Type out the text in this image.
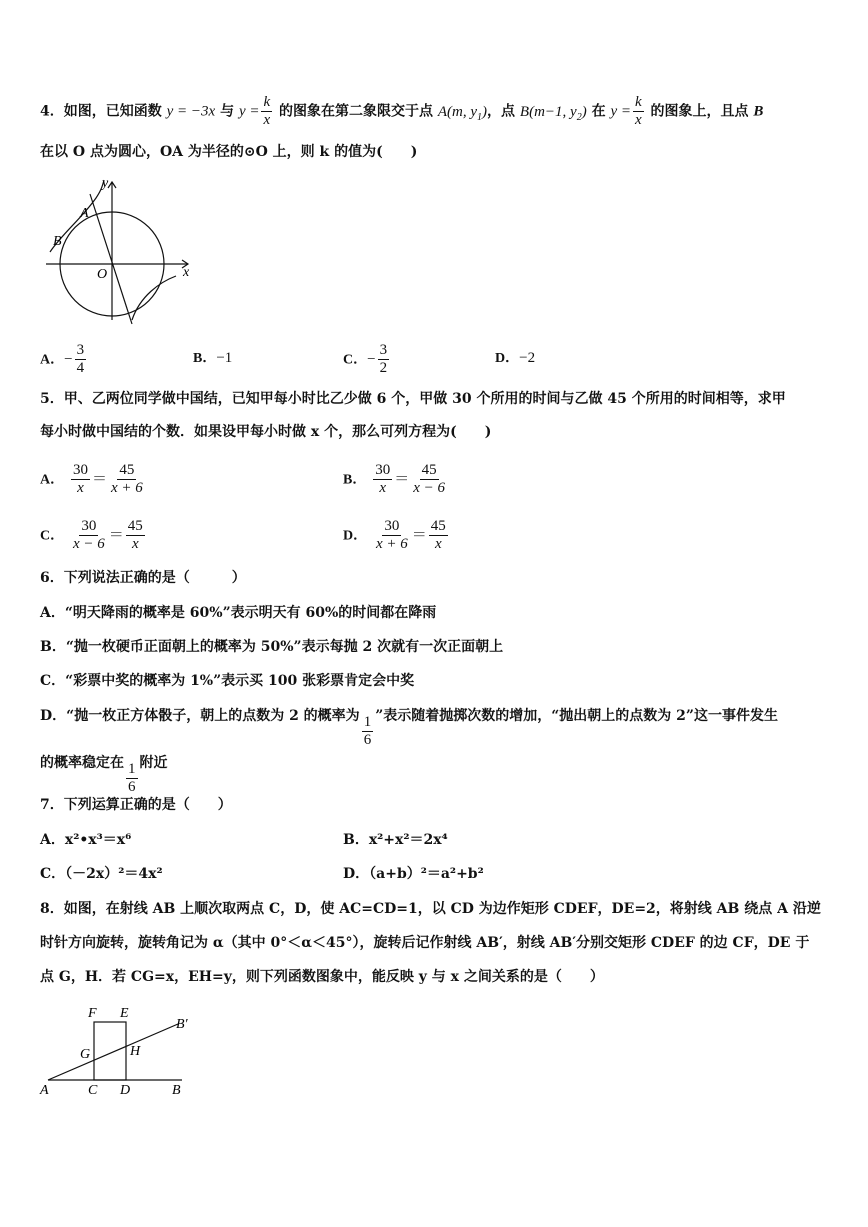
4．如图，已知函数 y = −3x 与 $y = \frac{k}{x}$ 的图象在第二象限交于点 A(m, $y_1$)，点 B(m−1, $y_2$) 在 $y = \frac{k}{x}$ 的图象上，且点 B
在以 O 点为圆心，OA 为半径的⊙O 上，则 k 的值为(　　)
y
x
A
B
O
A．− $\frac{3}{4}$	B．−1	C．− $\frac{3}{2}$	D．−2
5．甲、乙两位同学做中国结，已知甲每小时比乙少做 6 个，甲做 30 个所用的时间与乙做 45 个所用的时间相等，求甲
每小时做中国结的个数．如果设甲每小时做 x 个，那么可列方程为(　　)
A． $\frac{30}{x} = \frac{45}{x + 6}$	B． $\frac{30}{x} = \frac{45}{x - 6}$
C． $\frac{30}{x - 6} = \frac{45}{x}$	D． $\frac{30}{x + 6} = \frac{45}{x}$
6．下列说法正确的是（　　　）
A．“明天降雨的概率是 60%”表示明天有 60%的时间都在降雨
B．“抛一枚硬币正面朝上的概率为 50%”表示每抛 2 次就有一次正面朝上
C．“彩票中奖的概率为 1%”表示买 100 张彩票肯定会中奖
D．“抛一枚正方体骰子，朝上的点数为 2 的概率为 $\frac{1}{6}$ ”表示随着抛掷次数的增加，“抛出朝上的点数为 2”这一事件发生
的概率稳定在 $\frac{1}{6}$ 附近
7．下列运算正确的是（　　）
A．x²•x³＝x⁶	B．x²+x²＝2x⁴
C．（－2x）²＝4x²	D．（a+b）²＝a²+b²
8．如图，在射线 AB 上顺次取两点 C，D，使 AC=CD=1，以 CD 为边作矩形 CDEF，DE=2，将射线 AB 绕点 A 沿逆
时针方向旋转，旋转角记为 α（其中 0°＜α＜45°），旋转后记作射线 AB′，射线 AB′分别交矩形 CDEF 的边 CF，DE 于
点 G，H．若 CG=x，EH=y，则下列函数图象中，能反映 y 与 x 之间关系的是（　　）
F E
B′
G	H
A	C D	B
